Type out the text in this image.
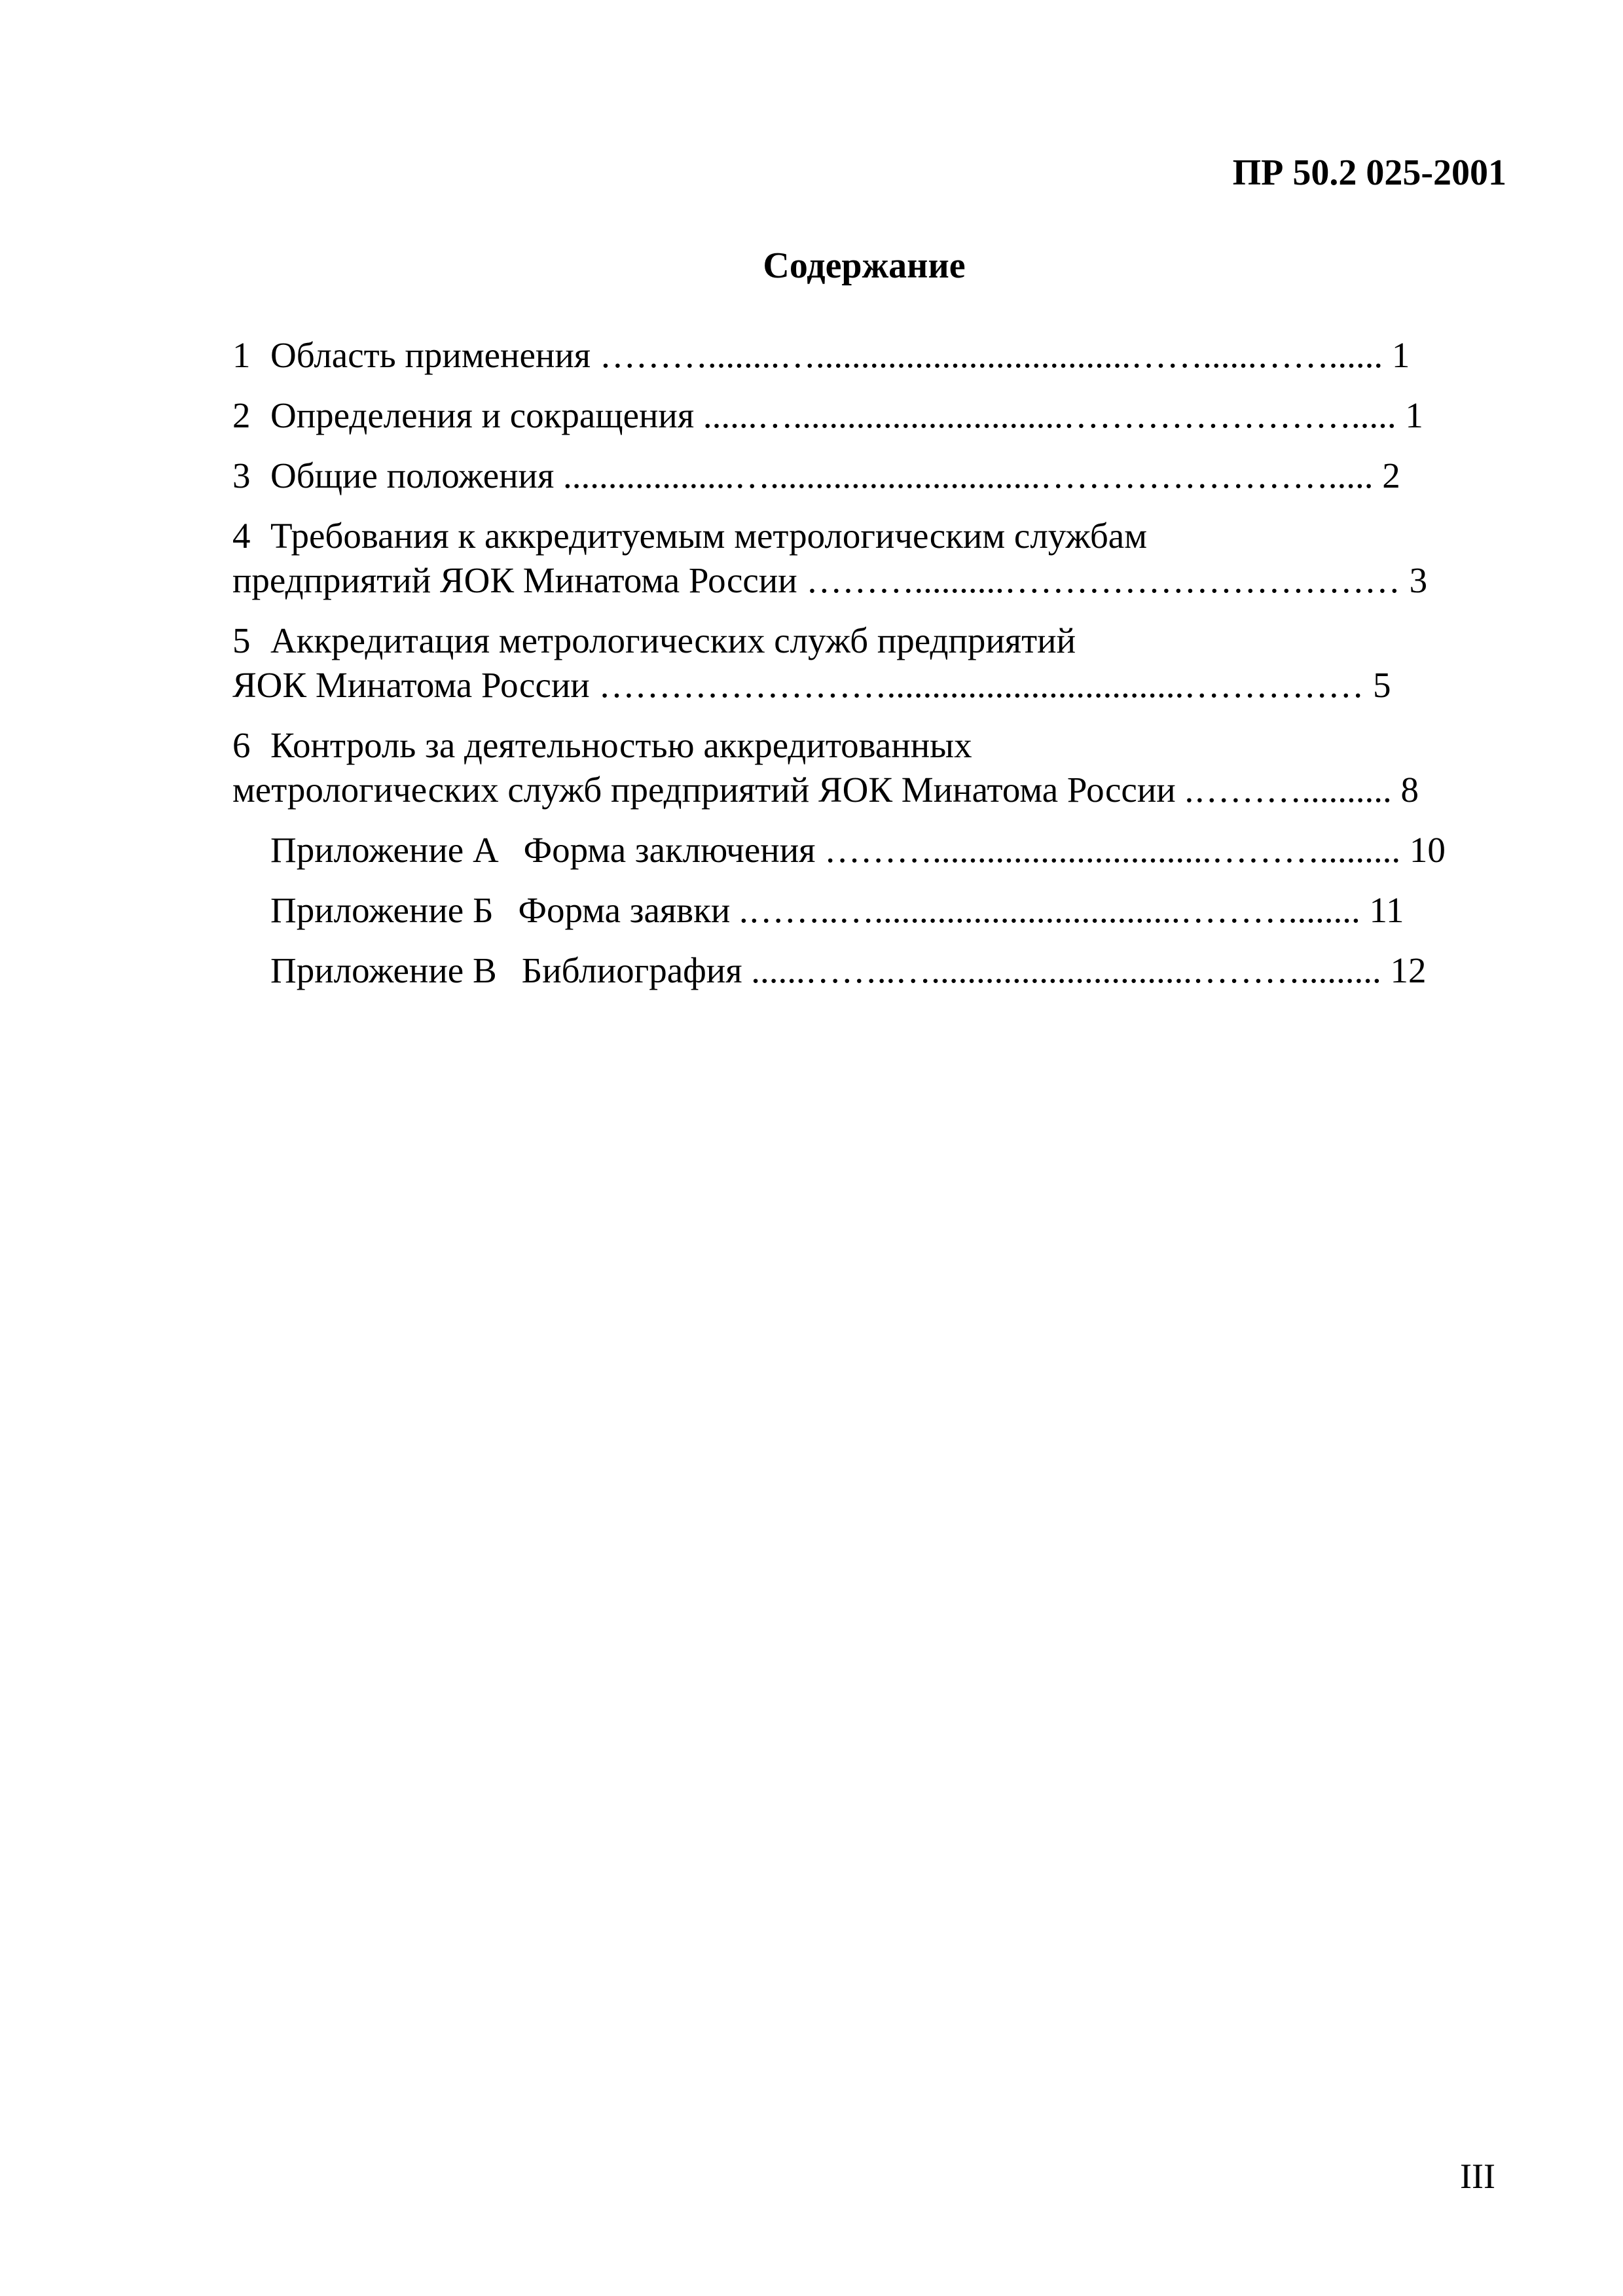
ПР 50.2 025-2001
Содержание
1 Область применения ………........…...................................……......……...... 1
2 Определения и сокращения ......…..............................……………………..... 1
3 Общие положения ...................…..............................……………………..... 2
4 Требования к аккредитуемым метрологическим службам
предприятий ЯОК Минатома России ………..........…………………………… 3
5 Аккредитация метрологических служб предприятий
ЯОК Минатома России …………………….................................…………… 5
6 Контроль за деятельностью аккредитованных
метрологических служб предприятий ЯОК Минатома России .……….......... 8
Приложение А Форма заключения ………...............................………......... 10
Приложение Б Форма заявки .……..…..................................………........ 11
Приложение В Библиография ......……..….............................………......... 12
III
